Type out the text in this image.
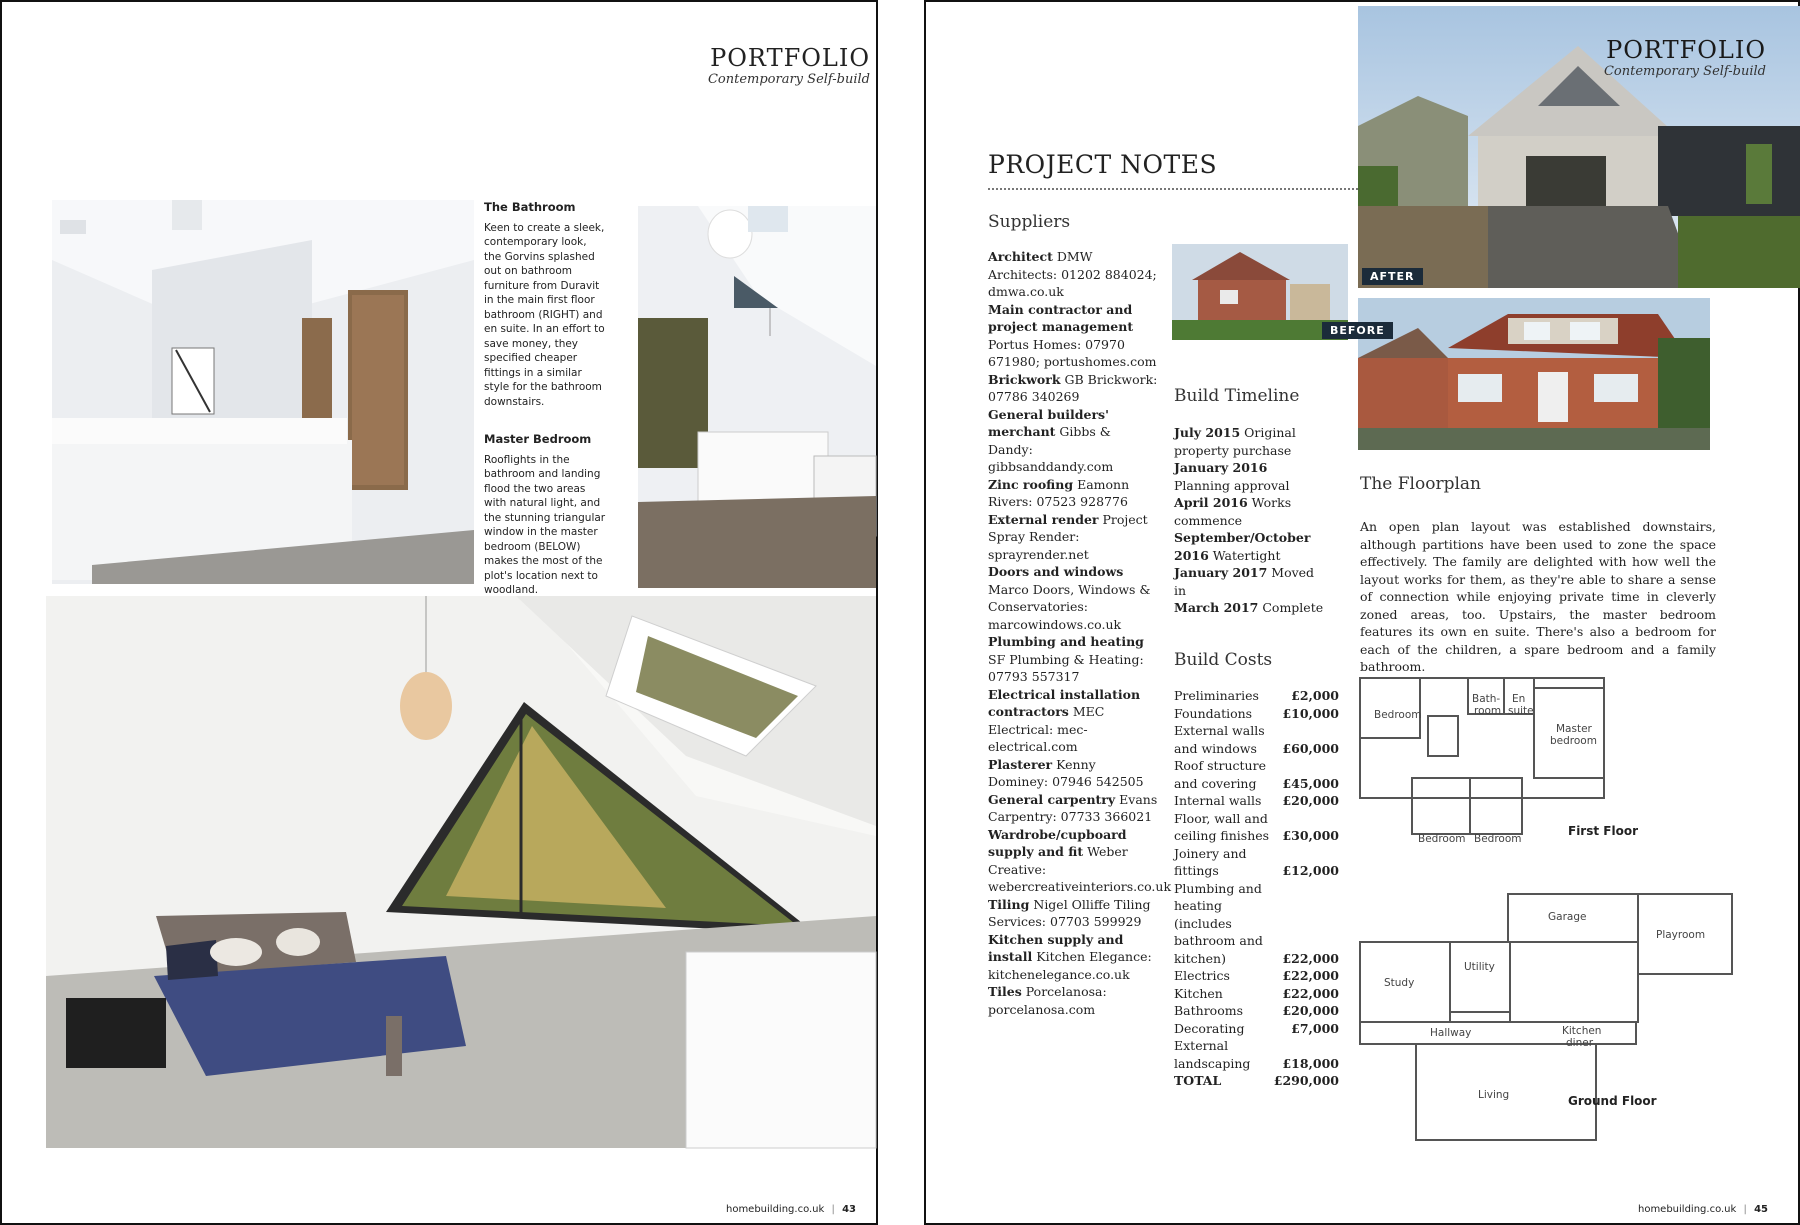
PORTFOLIO
Contemporary Self-build
The Bathroom

Keen to create a sleek, contemporary look, the Gorvins splashed out on bathroom furniture from Duravit in the main first floor bathroom (RIGHT) and en suite. In an effort to save money, they specified cheaper fittings in a similar style for the bathroom downstairs.

Master Bedroom

Rooflights in the bathroom and landing flood the two areas with natural light, and the stunning triangular window in the master bedroom (BELOW) makes the most of the plot's location next to woodland.

homebuilding.co.uk | 43
AFTER
PORTFOLIO
Contemporary Self-build
BEFORE
PROJECT NOTES
Suppliers
Architect DMW Architects: 01202 884024; dmwa.co.uk
Main contractor and project management Portus Homes: 07970 671980; portushomes.com
Brickwork GB Brickwork: 07786 340269
General builders' merchant Gibbs & Dandy: gibbsanddandy.com
Zinc roofing Eamonn Rivers: 07523 928776
External render Project Spray Render: sprayrender.net
Doors and windows Marco Doors, Windows & Conservatories: marcowindows.co.uk
Plumbing and heating SF Plumbing & Heating: 07793 557317
Electrical installation contractors MEC Electrical: mec-electrical.com
Plasterer Kenny Dominey: 07946 542505
General carpentry Evans Carpentry: 07733 366021
Wardrobe/cupboard supply and fit Weber Creative: webercreativeinteriors.co.uk
Tiling Nigel Olliffe Tiling Services: 07703 599929
Kitchen supply and install Kitchen Elegance: kitchenelegance.co.uk
Tiles Porcelanosa: porcelanosa.com
Build Timeline
July 2015 Original property purchase
January 2016 Planning approval
April 2016 Works commence
September/October 2016 Watertight
January 2017 Moved in
March 2017 Complete
Build Costs
Preliminaries	£2,000
Foundations	£10,000
External walls and windows	£60,000
Roof structure and covering	£45,000
Internal walls	£20,000
Floor, wall and ceiling finishes	£30,000
Joinery and fittings	£12,000
Plumbing and heating (includes bathroom and kitchen)	£22,000
Electrics	£22,000
Kitchen	£22,000
Bathrooms	£20,000
Decorating	£7,000
External landscaping	£18,000
TOTAL	£290,000
The Floorplan
An open plan layout was established downstairs, although partitions have been used to zone the space effectively. The family are delighted with how well the layout works for them, as they're able to share a sense of connection while enjoying private time in cleverly zoned areas, too. Upstairs, the master bedroom features its own en suite. There's also a bedroom for each of the children, a spare bedroom and a family bathroom.
Bedroom
Bath-
room
En
suite
Master
bedroom
Bedroom Bedroom
First Floor
Garage
Playroom
Study
Utility
Hallway	Kitchen
diner
Living	Ground Floor
homebuilding.co.uk | 45
